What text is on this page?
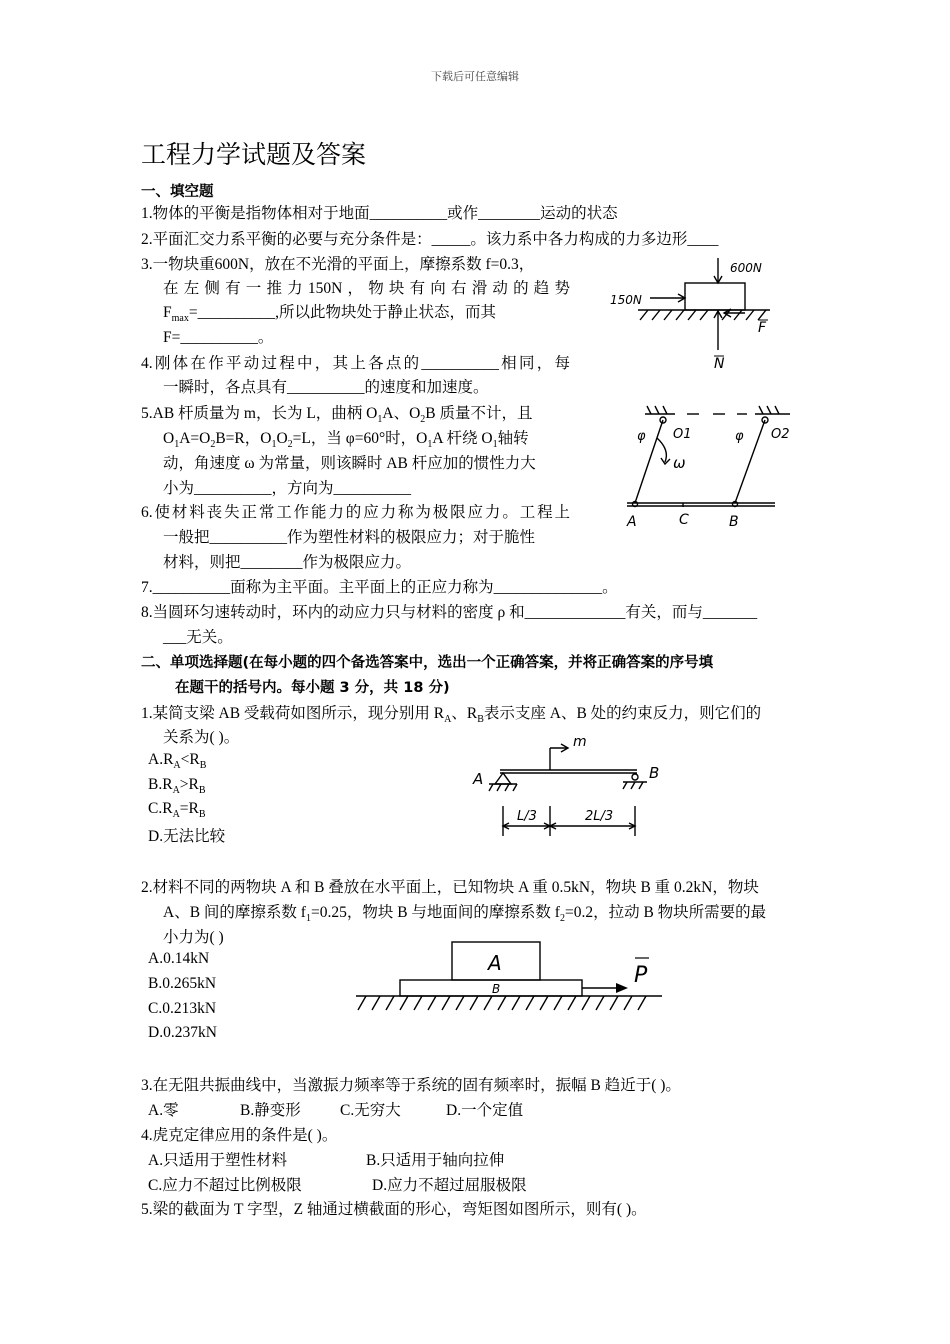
下载后可任意编辑
工程力学试题及答案
一、填空题
1.物体的平衡是指物体相对于地面__________或作________运动的状态
2.平面汇交力系平衡的必要与充分条件是：_____。该力系中各力构成的力多边形____
3.一物块重600N，放在不光滑的平面上，摩擦系数 f=0.3，
在左侧有一推力150N，物块有向右滑动的趋势
$F_{max}=\_\_\_\_\_\_\_\_\_\_$,所以此物块处于静止状态，而其
F=__________。
4.刚体在作平动过程中，其上各点的__________相同，每
一瞬时，各点具有__________的速度和加速度。
5.AB 杆质量为 m，长为 L，曲柄 $O_1A$、$O_2B$ 质量不计，且
$O_1A=O_2B=R$，$O_1O_2=L$，当 φ=60°时，$O_1A$ 杆绕 $O_1$轴转
动，角速度 ω 为常量，则该瞬时 AB 杆应加的惯性力大
小为__________，方向为__________
6.使材料丧失正常工作能力的应力称为极限应力。工程上
一般把__________作为塑性材料的极限应力；对于脆性
材料，则把________作为极限应力。
7.__________面称为主平面。主平面上的正应力称为______________。
8.当圆环匀速转动时，环内的动应力只与材料的密度 ρ 和_____________有关，而与_______
___无关。
二、单项选择题(在每小题的四个备选答案中，选出一个正确答案，并将正确答案的序号填
在题干的括号内。每小题 3 分，共 18 分)
1.某简支梁 AB 受载荷如图所示，现分别用 $R_A$、$R_B$表示支座 A、B 处的约束反力，则它们的
关系为( )。
$A.R_A<R_B$
$B.R_A>R_B$
$C.R_A=R_B$
D.无法比较
2.材料不同的两物块 A 和 B 叠放在水平面上，已知物块 A 重 0.5kN，物块 B 重 0.2kN，物块
A、B 间的摩擦系数 $f_1=0.25$，物块 B 与地面间的摩擦系数 $f_2=0.2$，拉动 B 物块所需要的最
小力为( )
A.0.14kN
B.0.265kN
C.0.213kN
D.0.237kN
3.在无阻共振曲线中，当激振力频率等于系统的固有频率时，振幅 B 趋近于( )。
A.零	B.静变形	C.无穷大	D.一个定值
4.虎克定律应用的条件是( )。
A.只适用于塑性材料	B.只适用于轴向拉伸
C.应力不超过比例极限	D.应力不超过屈服极限
5.梁的截面为 T 字型，Z 轴通过横截面的形心，弯矩图如图所示，则有( )。
600N
150N
F
N
φ O1	φ O2
ω
A	C	B
m
A	B
L/3	2L/3
A
B
P
